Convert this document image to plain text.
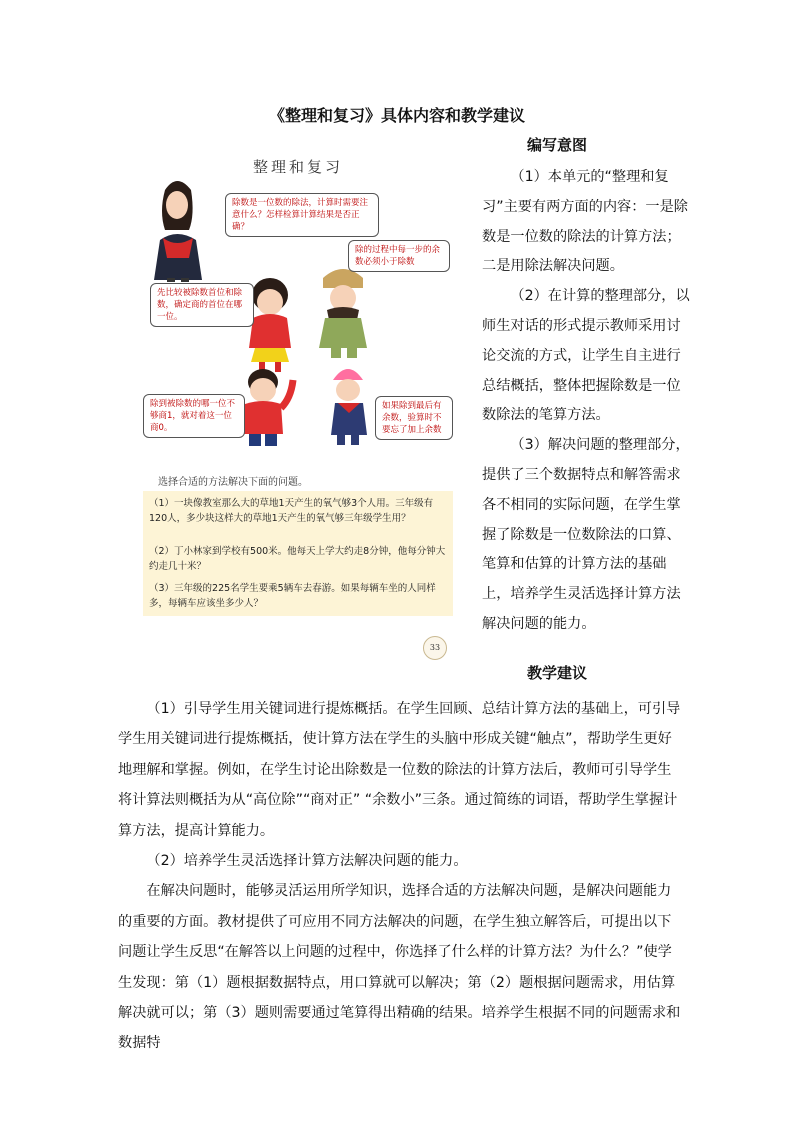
《整理和复习》具体内容和教学建议
整理和复习
除数是一位数的除法，计算时需要注意什么？怎样检算计算结果是否正确？
除的过程中每一步的余数必须小于除数
先比较被除数首位和除数，确定商的首位在哪一位。
除到被除数的哪一位不够商1，就对着这一位商0。
如果除到最后有余数，验算时不要忘了加上余数
选择合适的方法解决下面的问题。
（1）一块像教室那么大的草地1天产生的氧气够3个人用。三年级有120人，多少块这样大的草地1天产生的氧气够三年级学生用？
（2）丁小林家到学校有500米。他每天上学大约走8分钟，他每分钟大约走几十米？
（3）三年级的225名学生要乘5辆车去春游。如果每辆车坐的人同样多，每辆车应该坐多少人？
33
编写意图

（1）本单元的“整理和复习”主要有两方面的内容：一是除数是一位数的除法的计算方法；二是用除法解决问题。

（2）在计算的整理部分，以师生对话的形式提示教师采用讨论交流的方式，让学生自主进行总结概括，整体把握除数是一位数除法的笔算方法。

（3）解决问题的整理部分，提供了三个数据特点和解答需求各不相同的实际问题，在学生掌握了除数是一位数除法的口算、笔算和估算的计算方法的基础上，培养学生灵活选择计算方法解决问题的能力。

教学建议

（1）引导学生用关键词进行提炼概括。在学生回顾、总结计算方法的基础上，可引导学生用关键词进行提炼概括，使计算方法在学生的头脑中形成关键“触点”，帮助学生更好地理解和掌握。例如，在学生讨论出除数是一位数的除法的计算方法后，教师可引导学生将计算法则概括为从“高位除”“商对正” “余数小”三条。通过简练的词语，帮助学生掌握计算方法，提高计算能力。

（2）培养学生灵活选择计算方法解决问题的能力。

在解决问题时，能够灵活运用所学知识，选择合适的方法解决问题，是解决问题能力的重要的方面。教材提供了可应用不同方法解决的问题，在学生独立解答后，可提出以下问题让学生反思“在解答以上问题的过程中，你选择了什么样的计算方法？为什么？”使学生发现：第（1）题根据数据特点，用口算就可以解决；第（2）题根据问题需求，用估算解决就可以；第（3）题则需要通过笔算得出精确的结果。培养学生根据不同的问题需求和数据特
